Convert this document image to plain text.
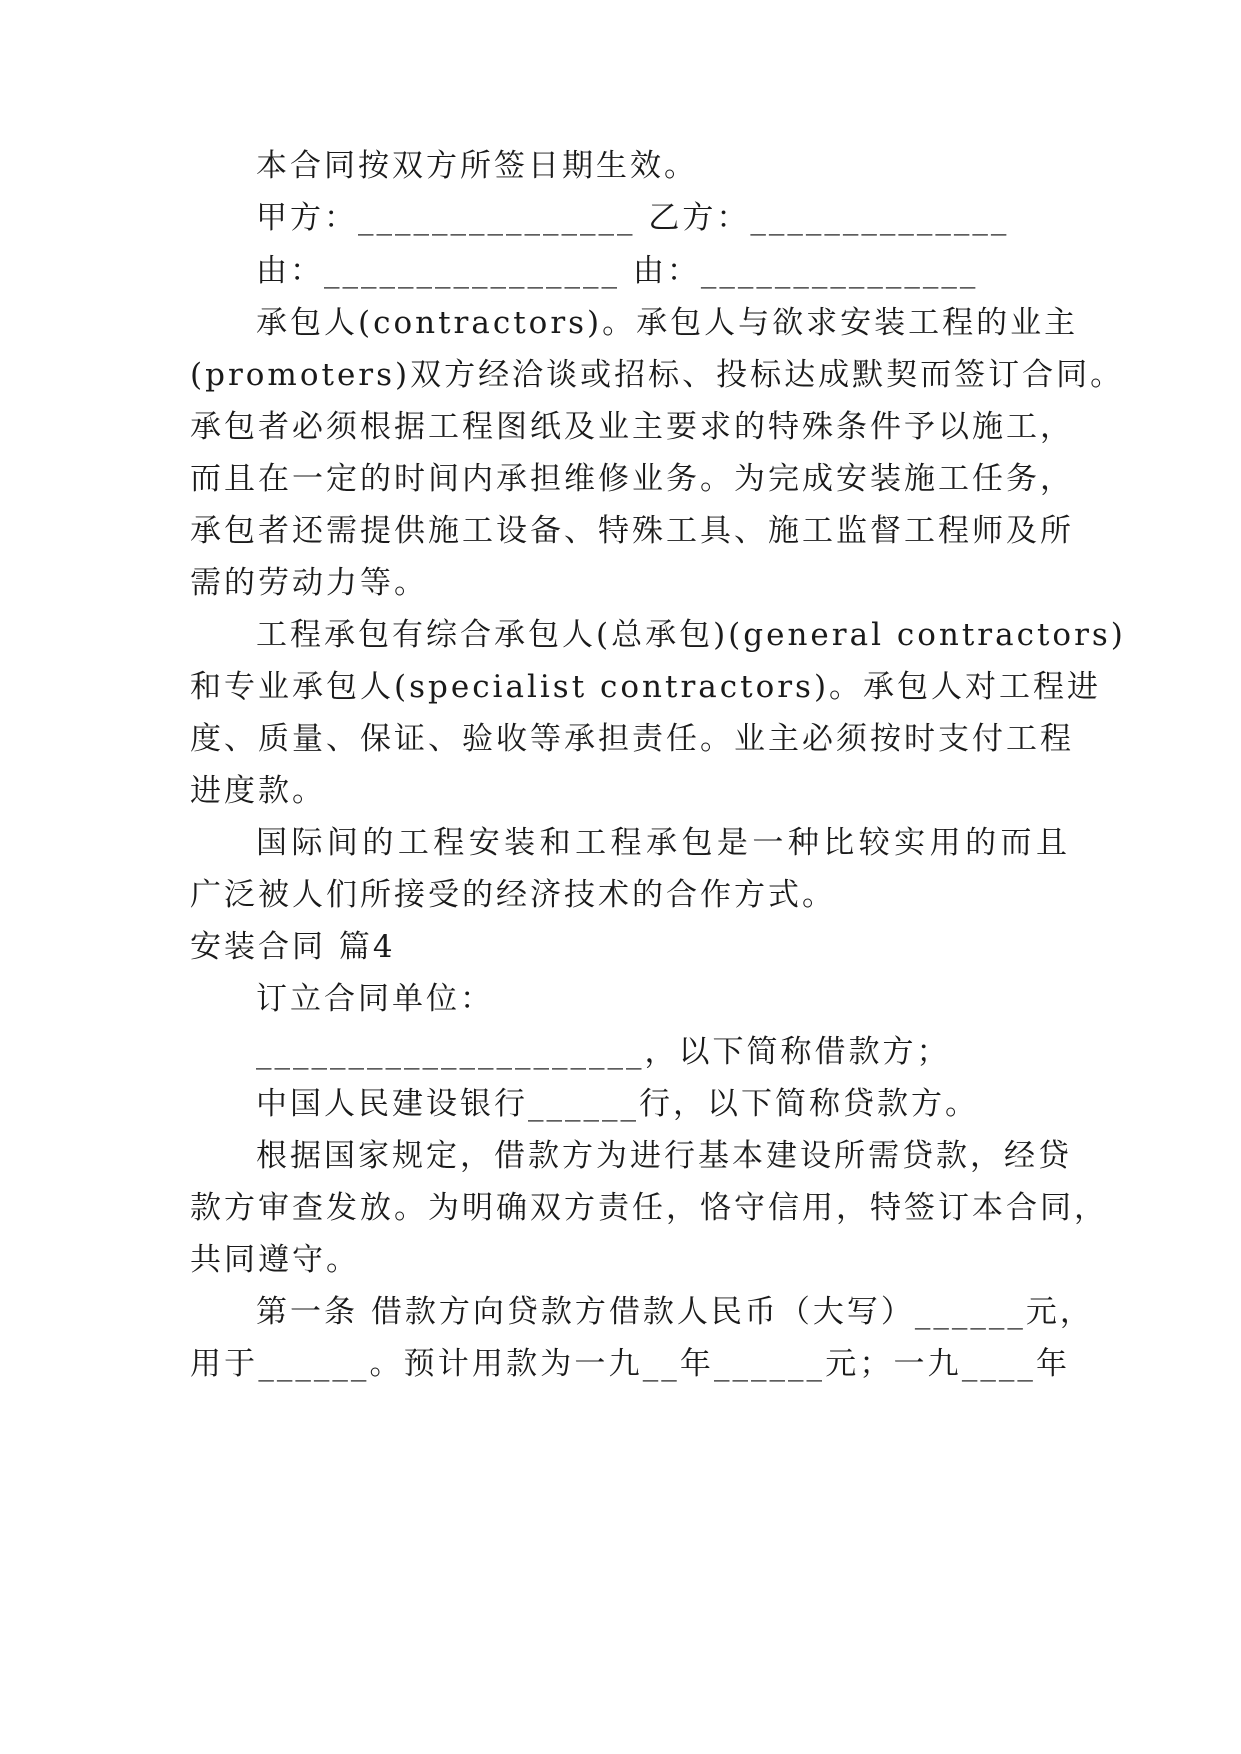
本合同按双方所签日期生效。
甲方：_______________ 乙方：______________
由：________________ 由：_______________
承包人(contractors)。承包人与欲求安装工程的业主
(promoters)双方经洽谈或招标、投标达成默契而签订合同。
承包者必须根据工程图纸及业主要求的特殊条件予以施工，
而且在一定的时间内承担维修业务。为完成安装施工任务，
承包者还需提供施工设备、特殊工具、施工监督工程师及所
需的劳动力等。
工程承包有综合承包人(总承包)(general contractors)
和专业承包人(specialist contractors)。承包人对工程进
度、质量、保证、验收等承担责任。业主必须按时支付工程
进度款。
国际间的工程安装和工程承包是一种比较实用的而且
广泛被人们所接受的经济技术的合作方式。
安装合同 篇4
订立合同单位：
_____________________，以下简称借款方；
中国人民建设银行______行，以下简称贷款方。
根据国家规定，借款方为进行基本建设所需贷款，经贷
款方审查发放。为明确双方责任，恪守信用，特签订本合同，
共同遵守。
第一条 借款方向贷款方借款人民币（大写）______元，
用于______。预计用款为一九__年______元；一九____年
